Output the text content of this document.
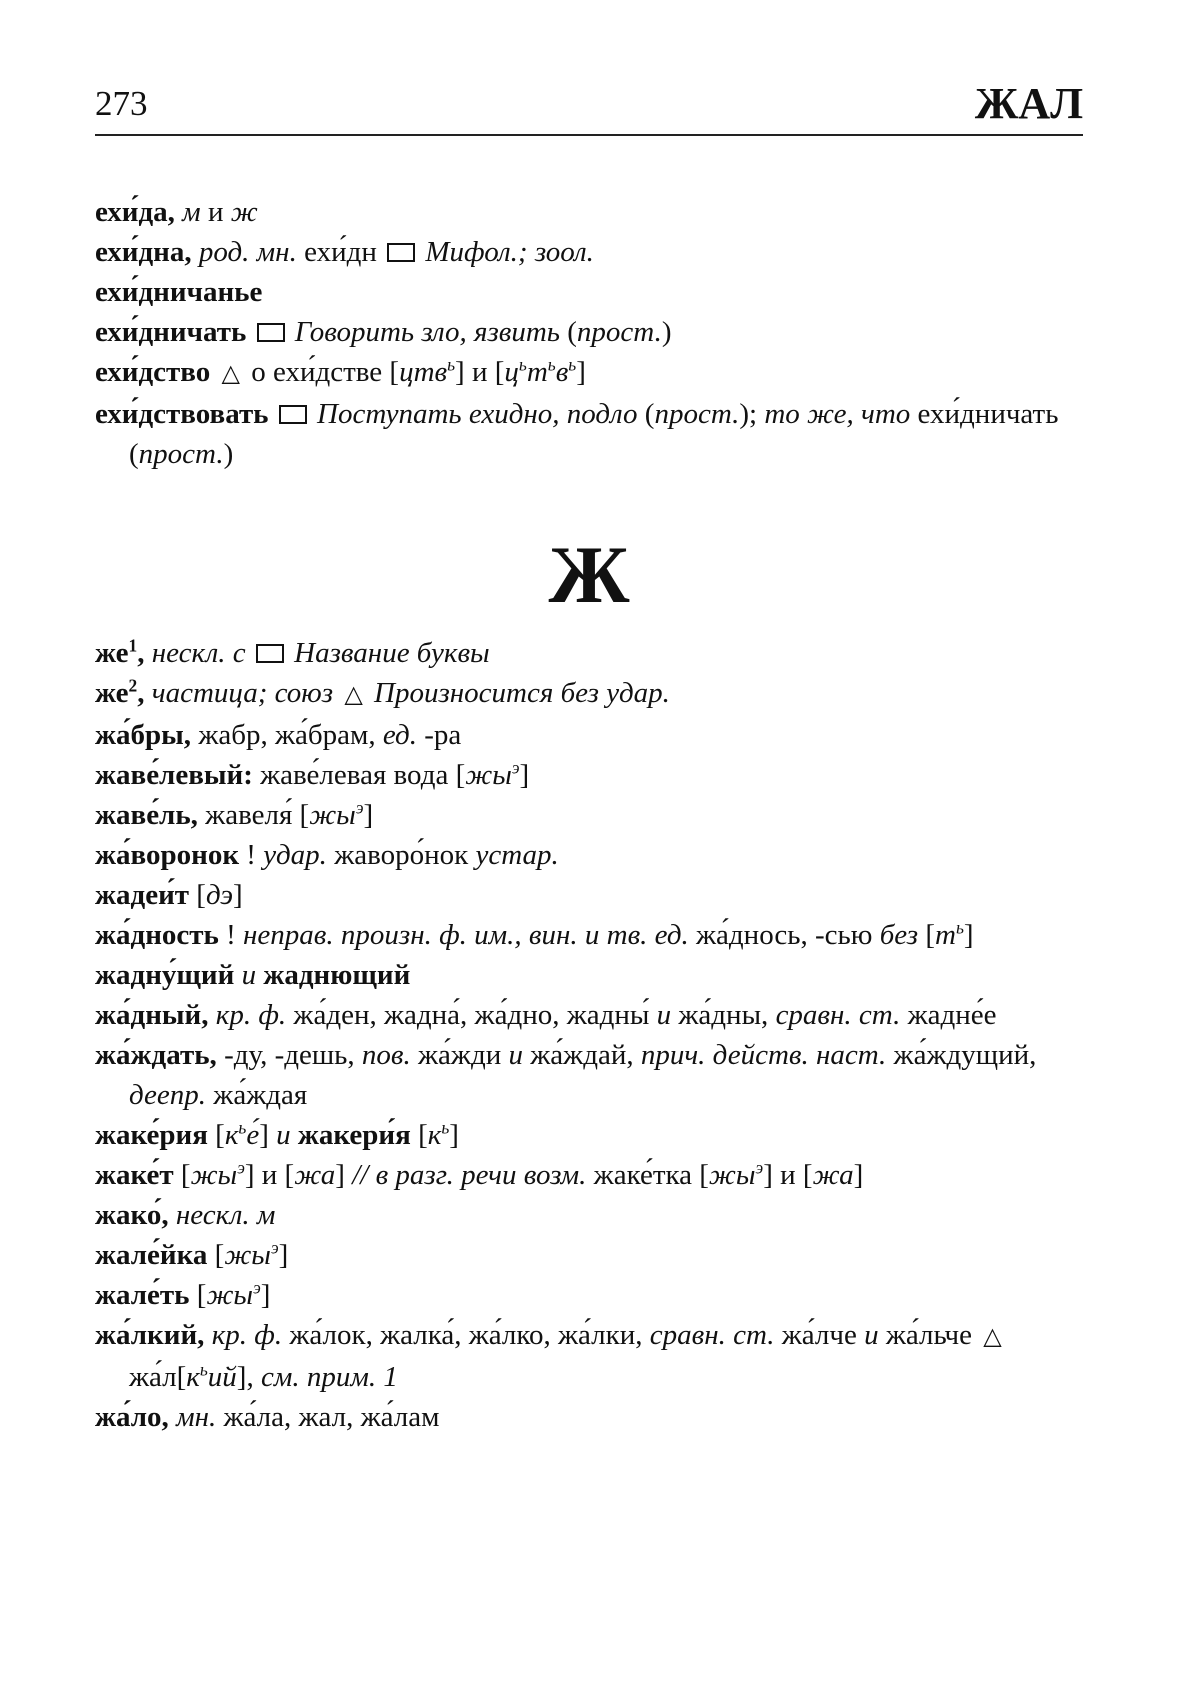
273	ЖАЛ

ехи́да, м и ж

ехи́дна, род. мн. ехи́дн  Мифол.; зоол.

ехи́дничанье

ехи́дничать Говорить зло, язвить (прост.)

ехи́дство △ о ехи́дстве [цтв$^ь$] и $[ц^ьт^ьв^ь]$

ехи́дствовать Поступать ехидно, подло (прост.); то же, что ехи́дничать (прост.)

Ж

$же^1$, нескл. с Название буквы

$же^2$, частица; союз △ Произносится без удар.

жа́бры, жабр, жа́брам, ед. -ра

жаве́левый: жаве́левая вода $[жы^э]$

жаве́ль, жавеля́ $[жы^э]$

жа́воронок ! удар. жаворо́нок устар.

жадеи́т [дэ]

жа́дность ! неправ. произн. ф. им., вин. и тв. ед. жа́днось, -сью без $[т^ь]$

жадну́щий и жаднющий

жа́дный, кр. ф. жа́ден, жадна́, жа́дно, жадны́ и жа́дны, сравн. ст. жадне́е

жа́ждать, -ду, -дешь, пов. жа́жди и жа́ждай, прич. действ. наст. жа́ждущий, деепр. жа́ждая

жаке́рия $[к^ье́]$ и жакери́я $[к^ь]$

жаке́т $[жы^э]$ и [жа] // в разг. речи возм. жаке́тка $[жы^э]$ и [жа]

жако́, нескл. м

жале́йка $[жы^э]$

жале́ть $[жы^э]$

жа́лкий, кр. ф. жа́лок, жалка́, жа́лко, жа́лки, сравн. ст. жа́лче и жа́льче △ $жа́л[к^ьий]$, см. прим. 1

жа́ло, мн. жа́ла, жал, жа́лам
